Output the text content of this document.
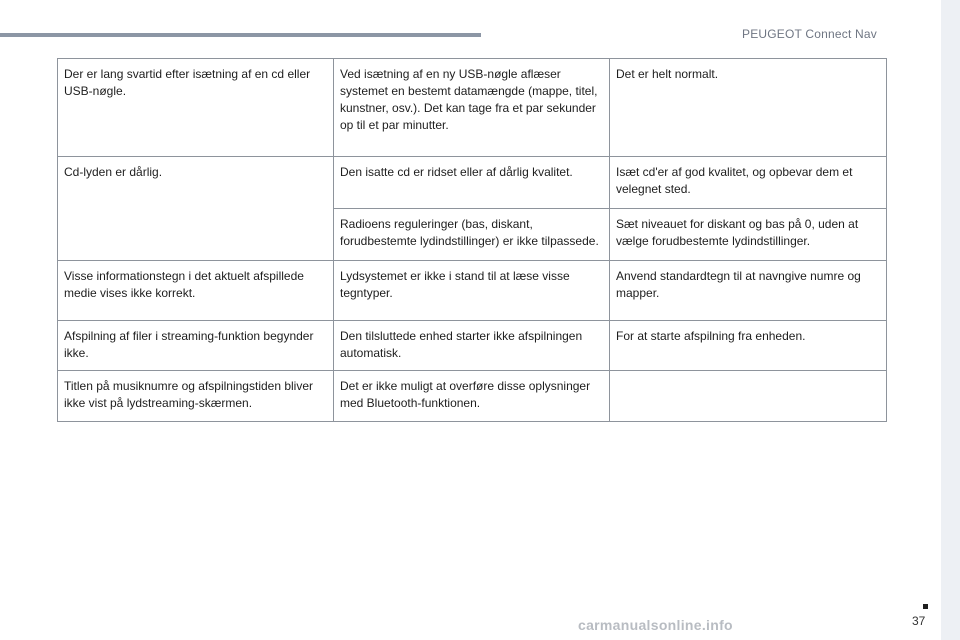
PEUGEOT Connect Nav
Der er lang svartid efter isætning af en cd eller USB-nøgle.	Ved isætning af en ny USB-nøgle aflæser systemet en bestemt datamængde (mappe, titel, kunstner, osv.). Det kan tage fra et par sekunder op til et par minutter.	Det er helt normalt.
Cd-lyden er dårlig.	Den isatte cd er ridset eller af dårlig kvalitet.	Isæt cd'er af god kvalitet, og opbevar dem et velegnet sted.
	Radioens reguleringer (bas, diskant, forudbestemte lydindstillinger) er ikke tilpassede.	Sæt niveauet for diskant og bas på 0, uden at vælge forudbestemte lydindstillinger.
Visse informationstegn i det aktuelt afspillede medie vises ikke korrekt.	Lydsystemet er ikke i stand til at læse visse tegntyper.	Anvend standardtegn til at navngive numre og mapper.
Afspilning af filer i streaming-funktion begynder ikke.	Den tilsluttede enhed starter ikke afspilningen automatisk.	For at starte afspilning fra enheden.
Titlen på musiknumre og afspilningstiden bliver ikke vist på lydstreaming-skærmen.	Det er ikke muligt at overføre disse oplysninger med Bluetooth-funktionen.	
37
carmanualsonline.info
